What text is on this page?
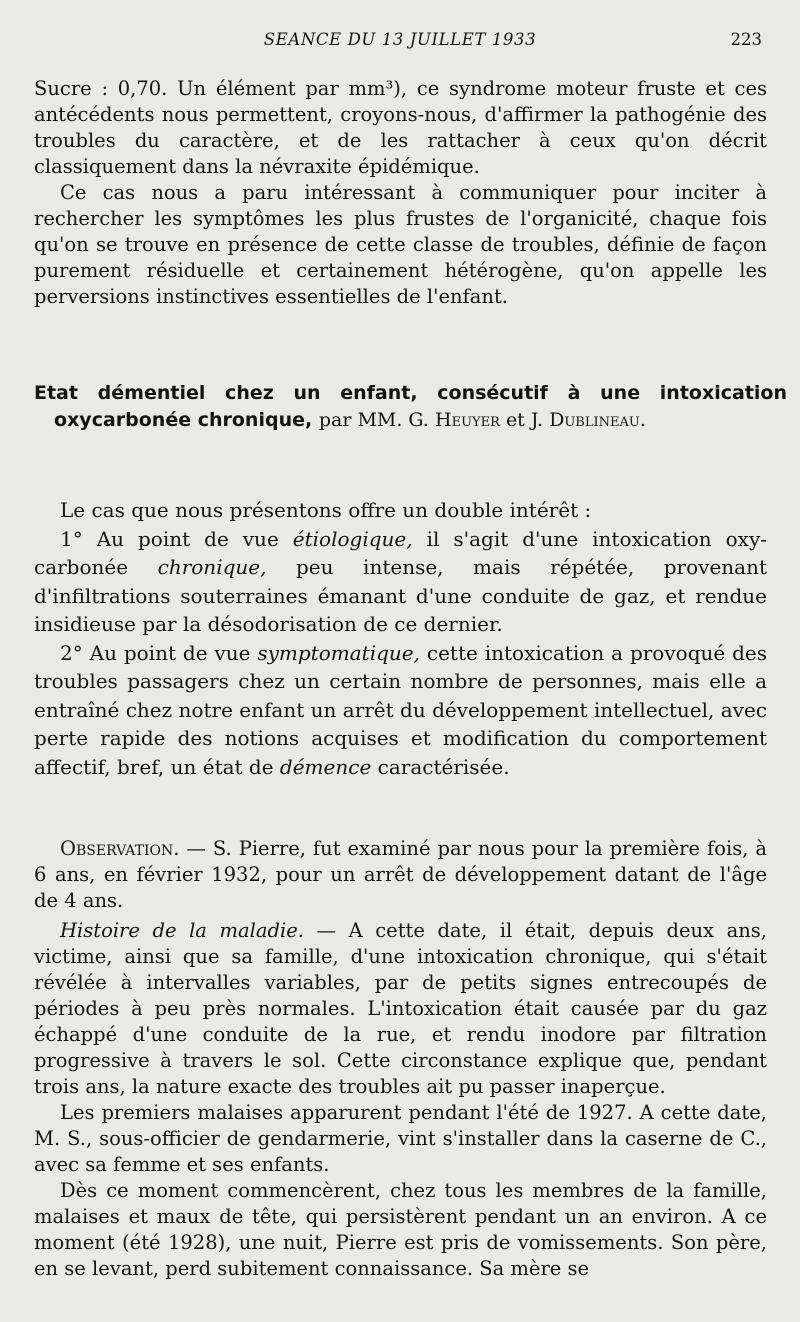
SEANCE DU 13 JUILLET 1933	223

Sucre : 0,70. Un élément par mm³), ce syndrome moteur fruste et ces antécédents nous permettent, croyons-nous, d'affirmer la pathogénie des troubles du caractère, et de les rattacher à ceux qu'on décrit classiquement dans la névraxite épidémique.

Ce cas nous a paru intéressant à communiquer pour inciter à rechercher les symptômes les plus frustes de l'organicité, chaque fois qu'on se trouve en présence de cette classe de troubles, définie de façon purement résiduelle et certainement hétérogène, qu'on appelle les perversions instinctives essentielles de l'enfant.

Etat démentiel chez un enfant, consécutif à une intoxication oxycarbonée chronique, par MM. G. Heuyer et J. Dublineau.

Le cas que nous présentons offre un double intérêt :

1° Au point de vue étiologique, il s'agit d'une intoxication oxy-carbonée chronique, peu intense, mais répétée, provenant d'infiltrations souterraines émanant d'une conduite de gaz, et rendue insidieuse par la désodorisation de ce dernier.

2° Au point de vue symptomatique, cette intoxication a provoqué des troubles passagers chez un certain nombre de personnes, mais elle a entraîné chez notre enfant un arrêt du développement intellectuel, avec perte rapide des notions acquises et modification du comportement affectif, bref, un état de démence caractérisée.

Observation. — S. Pierre, fut examiné par nous pour la première fois, à 6 ans, en février 1932, pour un arrêt de développement datant de l'âge de 4 ans.

Histoire de la maladie. — A cette date, il était, depuis deux ans, victime, ainsi que sa famille, d'une intoxication chronique, qui s'était révélée à intervalles variables, par de petits signes entrecoupés de périodes à peu près normales. L'intoxication était causée par du gaz échappé d'une conduite de la rue, et rendu inodore par filtration progressive à travers le sol. Cette circonstance explique que, pendant trois ans, la nature exacte des troubles ait pu passer inaperçue.

Les premiers malaises apparurent pendant l'été de 1927. A cette date, M. S., sous-officier de gendarmerie, vint s'installer dans la caserne de C., avec sa femme et ses enfants.

Dès ce moment commencèrent, chez tous les membres de la famille, malaises et maux de tête, qui persistèrent pendant un an environ. A ce moment (été 1928), une nuit, Pierre est pris de vomissements. Son père, en se levant, perd subitement connaissance. Sa mère se
